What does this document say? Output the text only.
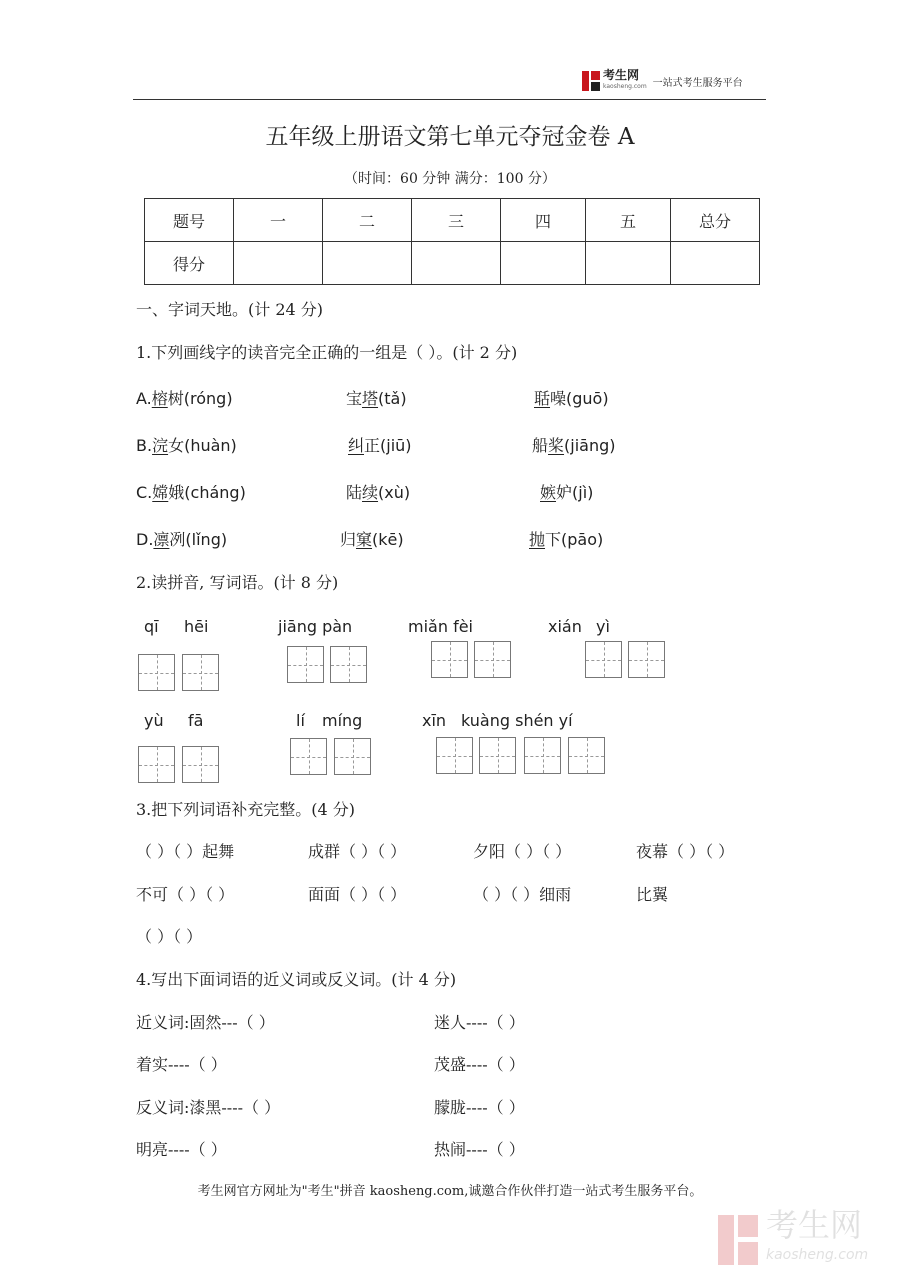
考生网
kaosheng.com 一站式考生服务平台
五年级上册语文第七单元夺冠金卷 A
（时间：60 分钟 满分：100 分）
题号	一	二	三	四	五	总分
得分						
一、字词天地。(计 24 分)
1.下列画线字的读音完全正确的一组是（ ）。(计 2 分)
A.榕树(róng)	宝塔(tǎ)	聒噪(guō)
B.浣女(huàn)	纠正(jiū)	船桨(jiāng)
C.嫦娥(cháng)	陆续(xù)	嫉妒(jì)
D.凛冽(lǐng)	归窠(kē)	抛下(pāo)
2.读拼音, 写词语。(计 8 分)
qī hēi	jiāng pàn	miǎn fèi	xián yì
yù fā	lí míng	xīn kuàng shén yí
3.把下列词语补充完整。(4 分)
（ ）（ ）起舞	成群（ ）（ ）	夕阳（ ）（ ）	夜幕（ ）（ ）
不可（ ）（ ）	面面（ ）（ ）	（ ）（ ）细雨	比翼
（ ）（ ）
4.写出下面词语的近义词或反义词。(计 4 分)
近义词:固然---（ ）	迷人----（ ）
着实----（ ）	茂盛----（ ）
反义词:漆黑----（ ）	朦胧----（ ）
明亮----（ ）	热闹----（ ）
考生网官方网址为"考生"拼音 kaosheng.com,诚邀合作伙伴打造一站式考生服务平台。
考生网
kaosheng.com
